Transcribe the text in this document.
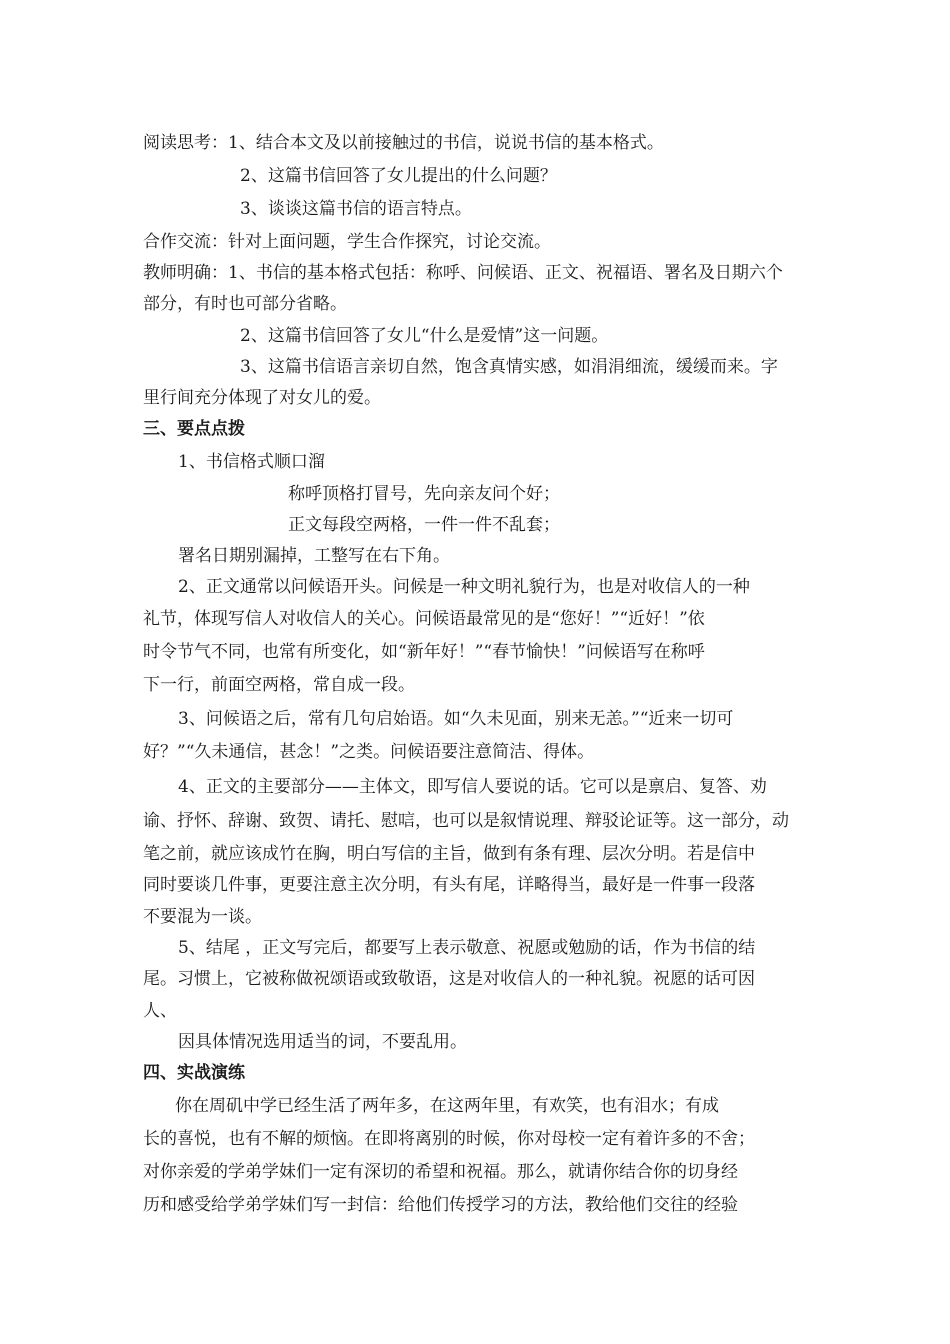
阅读思考：1、结合本文及以前接触过的书信，说说书信的基本格式。
2、这篇书信回答了女儿提出的什么问题？
3、谈谈这篇书信的语言特点。
合作交流：针对上面问题，学生合作探究，讨论交流。
教师明确：1、书信的基本格式包括：称呼、问候语、正文、祝福语、署名及日期六个
部分，有时也可部分省略。
2、这篇书信回答了女儿“什么是爱情”这一问题。
3、这篇书信语言亲切自然，饱含真情实感，如涓涓细流，缓缓而来。字
里行间充分体现了对女儿的爱。
三、要点点拨
1、书信格式顺口溜
称呼顶格打冒号，先向亲友问个好；
正文每段空两格，一件一件不乱套；
署名日期别漏掉，工整写在右下角。
2、正文通常以问候语开头。问候是一种文明礼貌行为，也是对收信人的一种
礼节，体现写信人对收信人的关心。问候语最常见的是“您好！”“近好！”依
时令节气不同，也常有所变化，如“新年好！”“春节愉快！”问候语写在称呼
下一行，前面空两格，常自成一段。
3、问候语之后，常有几句启始语。如“久未见面，别来无恙。”“近来一切可
好？”“久未通信，甚念！”之类。问候语要注意简洁、得体。
4、正文的主要部分——主体文，即写信人要说的话。它可以是禀启、复答、劝
谕、抒怀、辞谢、致贺、请托、慰唁，也可以是叙情说理、辩驳论证等。这一部分，动
笔之前，就应该成竹在胸，明白写信的主旨，做到有条有理、层次分明。若是信中
同时要谈几件事，更要注意主次分明，有头有尾，详略得当，最好是一件事一段落
不要混为一谈。
5、结尾 ，正文写完后，都要写上表示敬意、祝愿或勉励的话，作为书信的结
尾。习惯上，它被称做祝颂语或致敬语，这是对收信人的一种礼貌。祝愿的话可因
人、
因具体情况选用适当的词，不要乱用。
四、实战演练
你在周矶中学已经生活了两年多，在这两年里，有欢笑，也有泪水；有成
长的喜悦，也有不解的烦恼。在即将离别的时候，你对母校一定有着许多的不舍；
对你亲爱的学弟学妹们一定有深切的希望和祝福。那么，就请你结合你的切身经
历和感受给学弟学妹们写一封信：给他们传授学习的方法，教给他们交往的经验
